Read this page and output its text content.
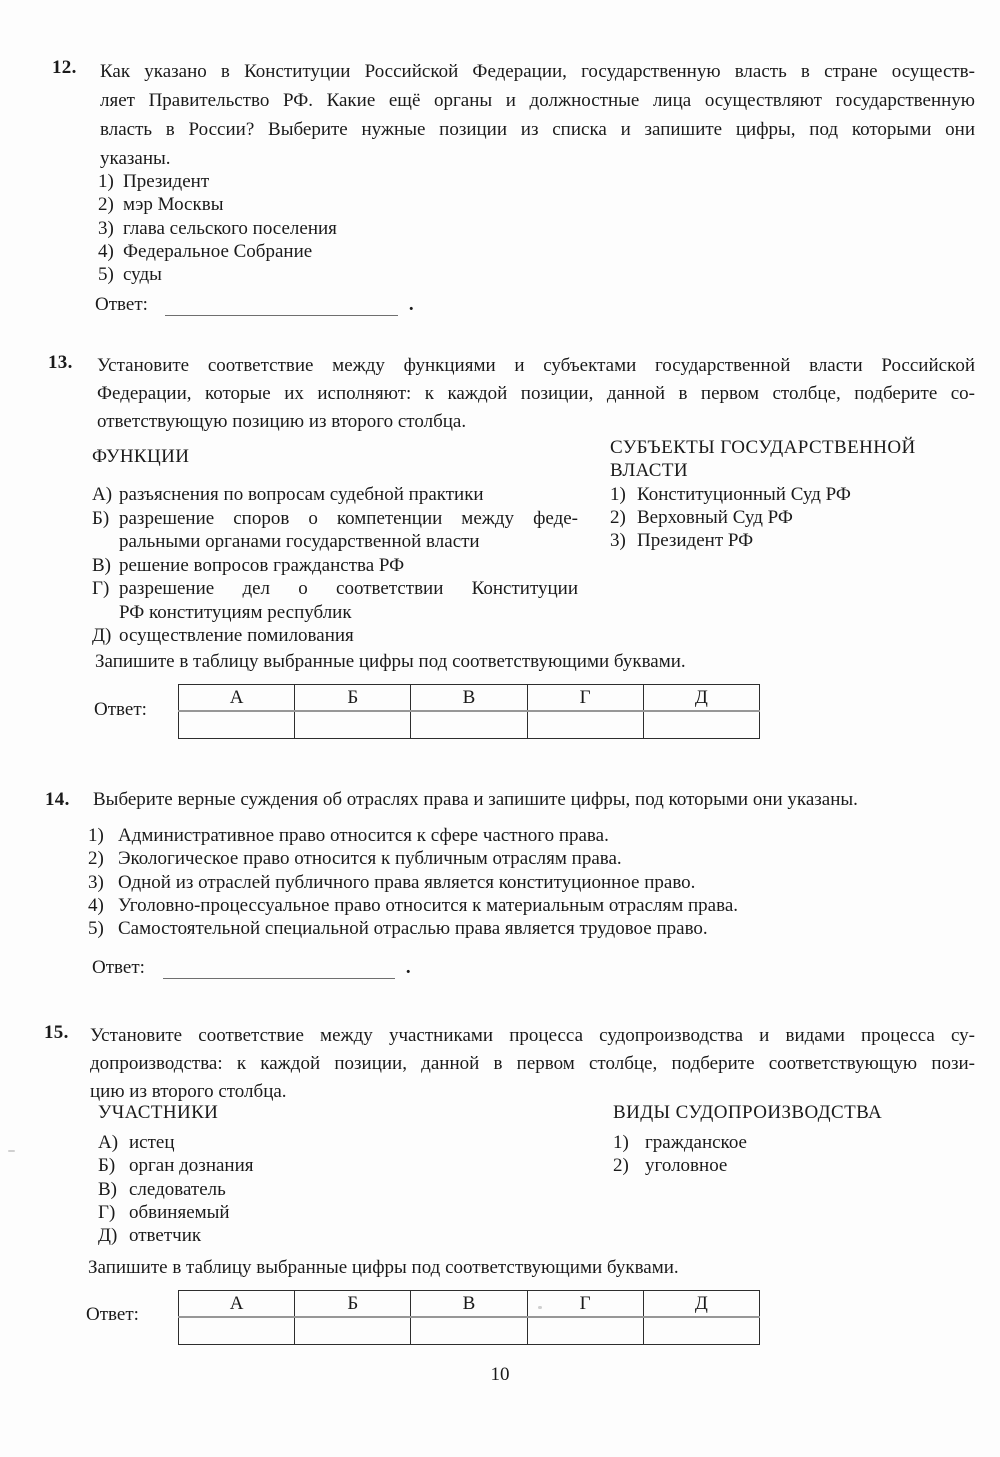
12. Как указано в Конституции Российской Федерации, государственную власть в стране осуществ-
ляет Правительство РФ. Какие ещё органы и должностные лица осуществляют государственную
власть в России? Выберите нужные позиции из списка и запишите цифры, под которыми они
указаны.
1) Президент
2) мэр Москвы
3) глава сельского поселения
4) Федеральное Собрание
5) суды
Ответ:	.
13. Установите соответствие между функциями и субъектами государственной власти Российской
Федерации, которые их исполняют: к каждой позиции, данной в первом столбце, подберите со-
ответствующую позицию из второго столбца.
ФУНКЦИИ	СУБЪЕКТЫ ГОСУДАРСТВЕННОЙ
ВЛАСТИ
А) разъяснения по вопросам судебной практики
Б) разрешение споров о компетенции между феде-
ральными органами государственной власти
В) решение вопросов гражданства РФ
Г) разрешение дел о соответствии Конституции
РФ конституциям республик
Д) осуществление помилования
1) Конституционный Суд РФ
2) Верховный Суд РФ
3) Президент РФ
Запишите в таблицу выбранные цифры под соответствующими буквами.
Ответ:
А	Б	В	Г	Д

14. Выберите верные суждения об отраслях права и запишите цифры, под которыми они указаны.
1) Административное право относится к сфере частного права.
2) Экологическое право относится к публичным отраслям права.
3) Одной из отраслей публичного права является конституционное право.
4) Уголовно-процессуальное право относится к материальным отраслям права.
5) Самостоятельной специальной отраслью права является трудовое право.
Ответ:	.
15. Установите соответствие между участниками процесса судопроизводства и видами процесса су-
допроизводства: к каждой позиции, данной в первом столбце, подберите соответствующую пози-
цию из второго столбца.
УЧАСТНИКИ	ВИДЫ СУДОПРОИЗВОДСТВА
А) истец
Б) орган дознания
В) следователь
Г) обвиняемый
Д) ответчик
1) гражданское
2) уголовное
Запишите в таблицу выбранные цифры под соответствующими буквами.
Ответ:
А	Б	В	Г	Д

10
